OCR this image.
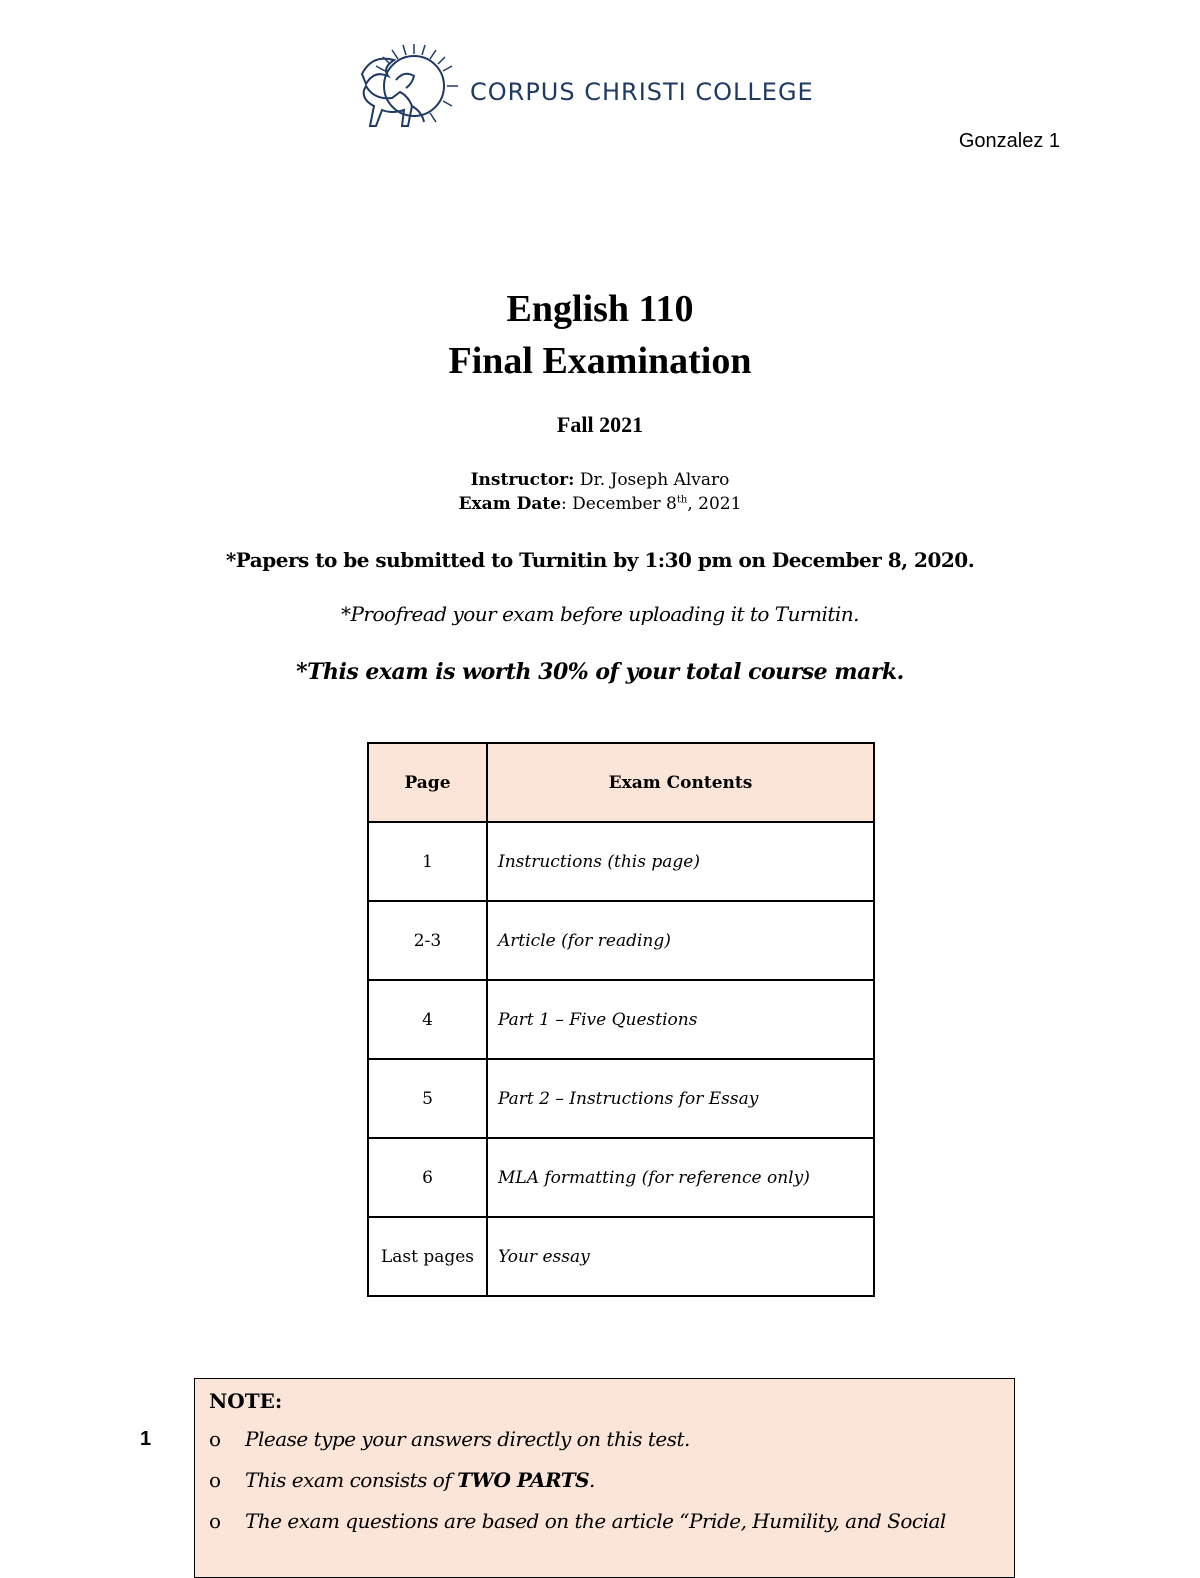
CORPUS CHRISTI COLLEGE
Gonzalez 1
English 110
Final Examination
Fall 2021
Instructor: Dr. Joseph Alvaro
Exam Date: December 8th, 2021
*Papers to be submitted to Turnitin by 1:30 pm on December 8, 2020.
*Proofread your exam before uploading it to Turnitin.
*This exam is worth 30% of your total course mark.
Page	Exam Contents
1	Instructions (this page)
2-3	Article (for reading)
4	Part 1 – Five Questions
5	Part 2 – Instructions for Essay
6	MLA formatting (for reference only)
Last pages	Your essay
1
NOTE:
o Please type your answers directly on this test.
o This exam consists of TWO PARTS.
o The exam questions are based on the article “Pride, Humility, and Social
